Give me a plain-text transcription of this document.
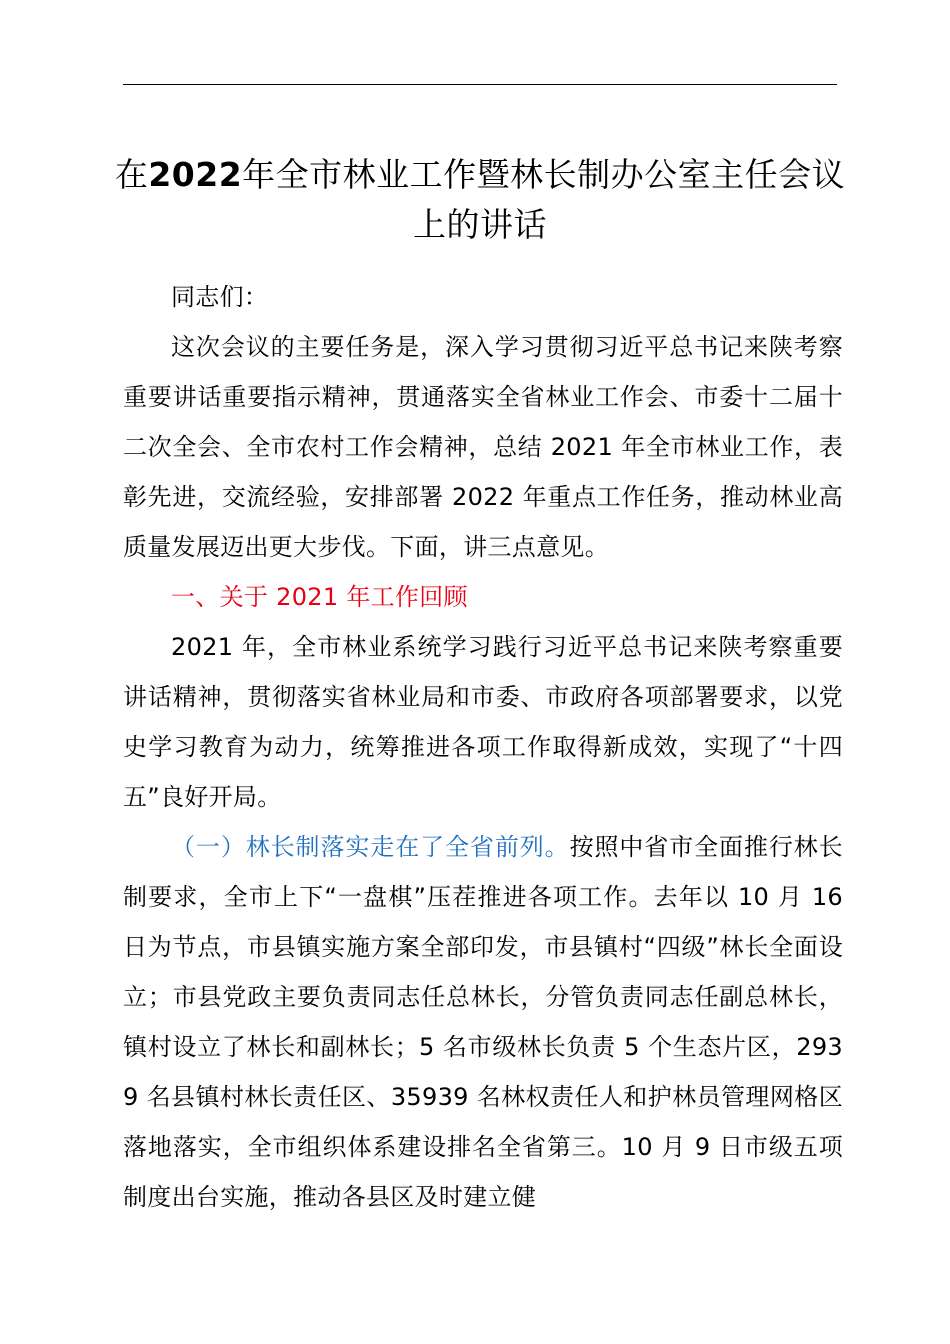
在2022年全市林业工作暨林长制办公室主任会议上的讲话

同志们：

这次会议的主要任务是，深入学习贯彻习近平总书记来陕考察重要讲话重要指示精神，贯通落实全省林业工作会、市委十二届十二次全会、全市农村工作会精神，总结 2021 年全市林业工作，表彰先进，交流经验，安排部署 2022 年重点工作任务，推动林业高质量发展迈出更大步伐。下面，讲三点意见。

一、关于 2021 年工作回顾

2021 年，全市林业系统学习践行习近平总书记来陕考察重要讲话精神，贯彻落实省林业局和市委、市政府各项部署要求，以党史学习教育为动力，统筹推进各项工作取得新成效，实现了“十四五”良好开局。

（一）林长制落实走在了全省前列。按照中省市全面推行林长制要求，全市上下“一盘棋”压茬推进各项工作。去年以 10 月 16 日为节点，市县镇实施方案全部印发，市县镇村“四级”林长全面设立；市县党政主要负责同志任总林长，分管负责同志任副总林长，镇村设立了林长和副林长；5 名市级林长负责 5 个生态片区，2939 名县镇村林长责任区、35939 名林权责任人和护林员管理网格区落地落实，全市组织体系建设排名全省第三。10 月 9 日市级五项制度出台实施，推动各县区及时建立健
